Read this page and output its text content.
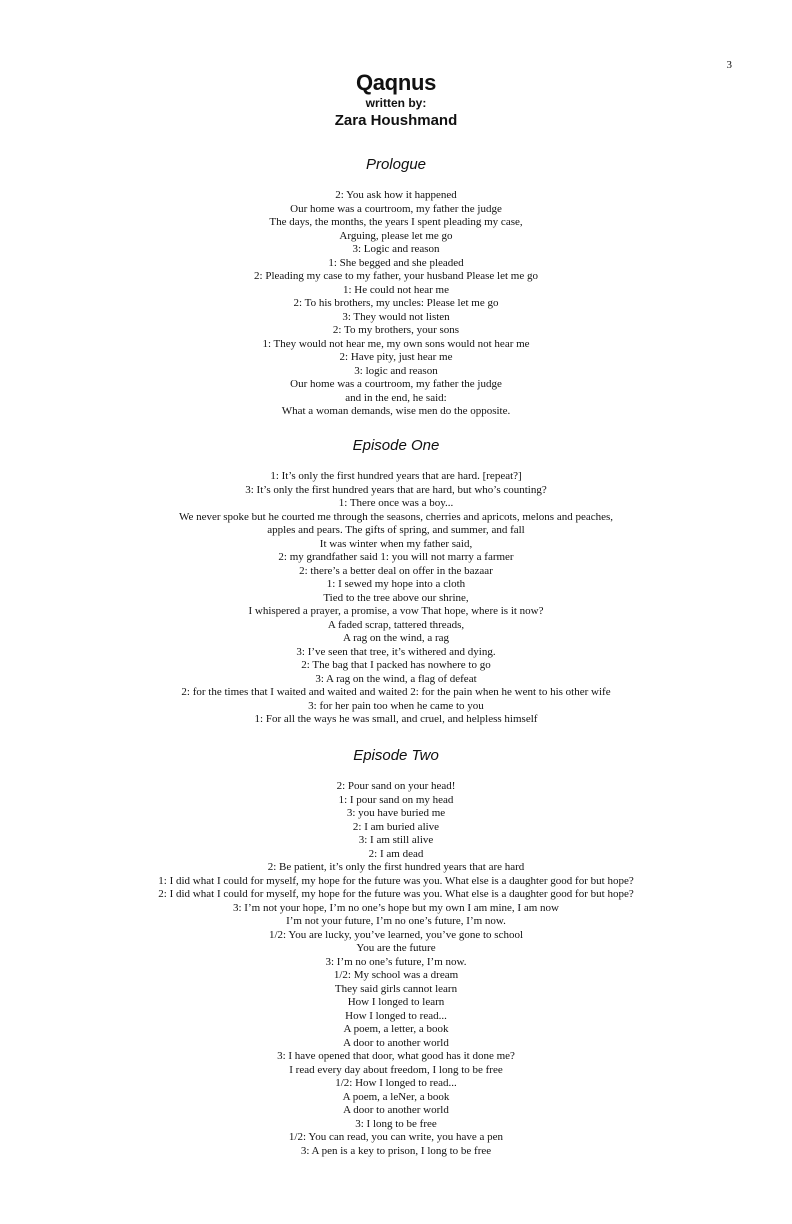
3
Qaqnus
written by:
Zara Houshmand
Prologue
2: You ask how it happened
Our home was a courtroom, my father the judge
The days, the months, the years I spent pleading my case,
Arguing, please let me go
3: Logic and reason
1: She begged and she pleaded
2: Pleading my case to my father, your husband Please let me go
1: He could not hear me
2: To his brothers, my uncles: Please let me go
3: They would not listen
2: To my brothers, your sons
1: They would not hear me, my own sons would not hear me
2: Have pity, just hear me
3: logic and reason
Our home was a courtroom, my father the judge
and in the end, he said:
What a woman demands, wise men do the opposite.
Episode One
1: It’s only the first hundred years that are hard. [repeat?]
3: It’s only the first hundred years that are hard, but who’s counting?
1: There once was a boy...
We never spoke but he courted me through the seasons, cherries and apricots, melons and peaches,
apples and pears. The gifts of spring, and summer, and fall
It was winter when my father said,
2: my grandfather said 1: you will not marry a farmer
2: there’s a better deal on offer in the bazaar
1: I sewed my hope into a cloth
Tied to the tree above our shrine,
I whispered a prayer, a promise, a vow That hope, where is it now?
A faded scrap, tattered threads,
A rag on the wind, a rag
3: I’ve seen that tree, it’s withered and dying.
2: The bag that I packed has nowhere to go
3: A rag on the wind, a flag of defeat
2: for the times that I waited and waited and waited 2: for the pain when he went to his other wife
3: for her pain too when he came to you
1: For all the ways he was small, and cruel, and helpless himself
Episode Two
2: Pour sand on your head!
1: I pour sand on my head
3: you have buried me
2: I am buried alive
3: I am still alive
2: I am dead
2: Be patient, it’s only the first hundred years that are hard
1: I did what I could for myself, my hope for the future was you. What else is a daughter good for but hope?
2: I did what I could for myself, my hope for the future was you. What else is a daughter good for but hope?
3: I’m not your hope, I’m no one’s hope but my own I am mine, I am now
I’m not your future, I’m no one’s future, I’m now.
1/2: You are lucky, you’ve learned, you’ve gone to school
You are the future
3: I’m no one’s future, I’m now.
1/2: My school was a dream
They said girls cannot learn
How I longed to learn
How I longed to read...
A poem, a letter, a book
A door to another world
3: I have opened that door, what good has it done me?
I read every day about freedom, I long to be free
1/2: How I longed to read...
A poem, a leNer, a book
A door to another world
3: I long to be free
1/2: You can read, you can write, you have a pen
3: A pen is a key to prison, I long to be free
